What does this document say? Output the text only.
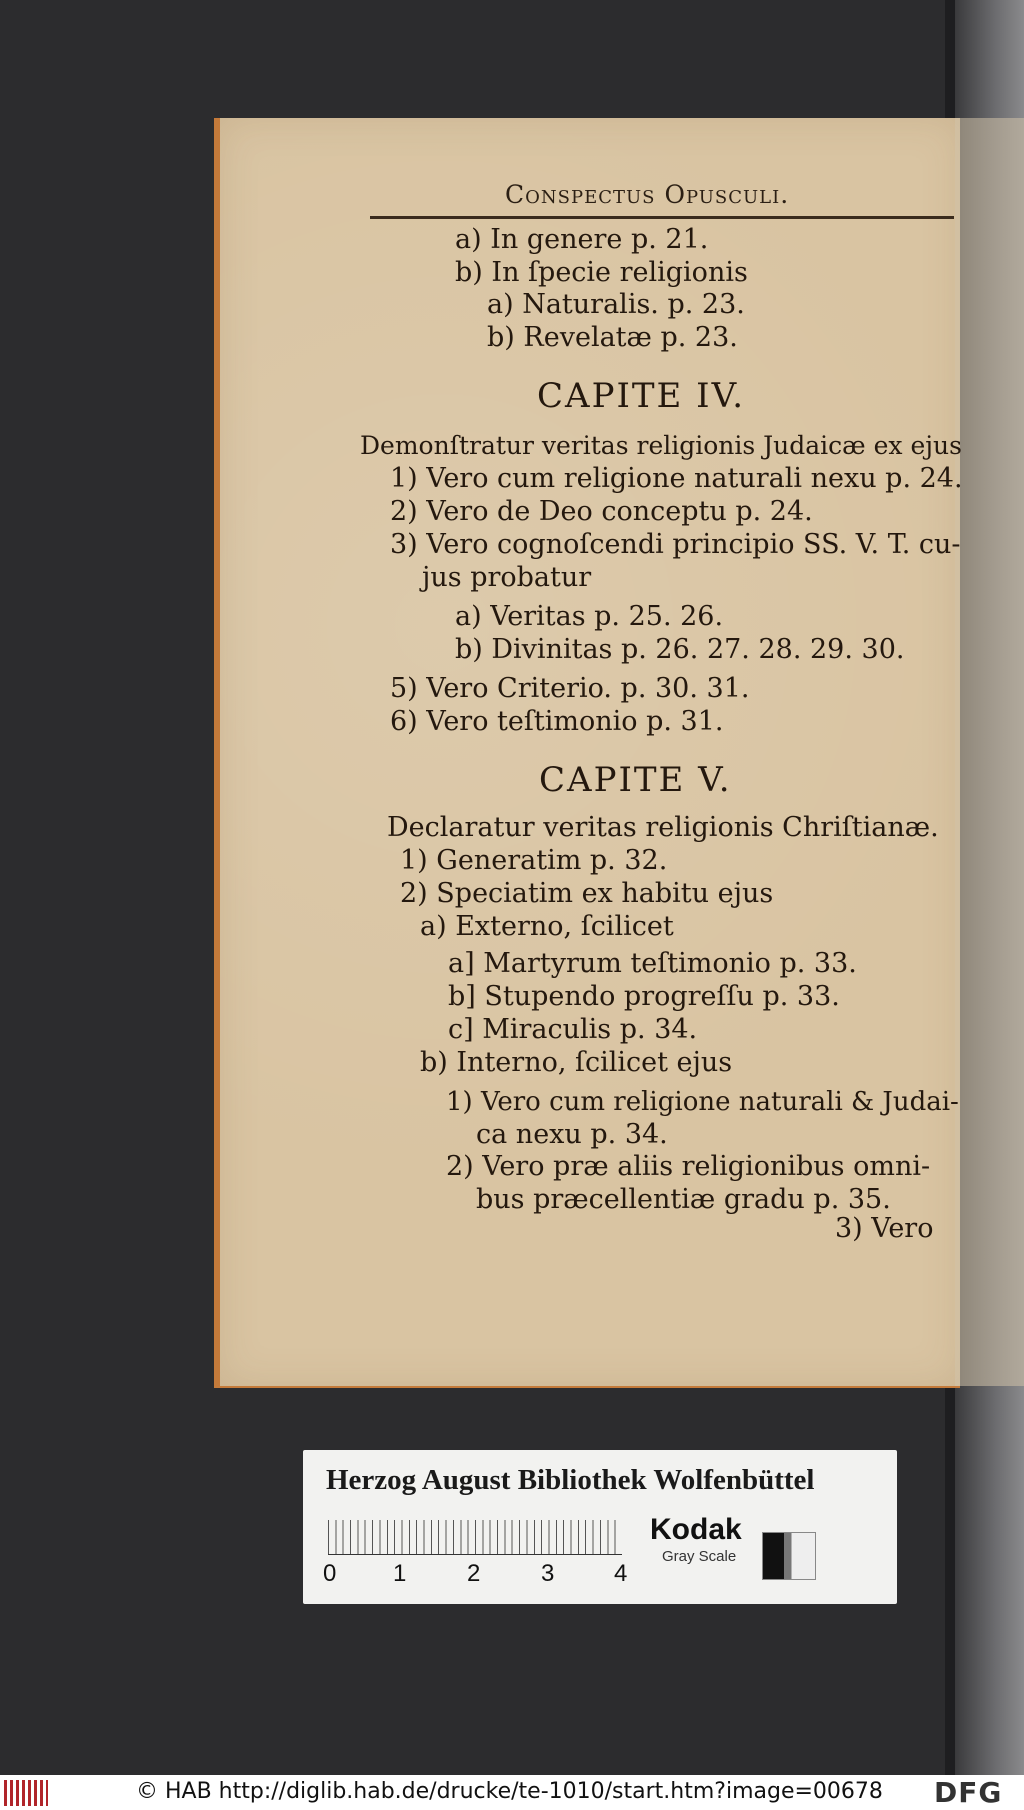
Conspectus Opusculi.
a) In genere p. 21.
b) In ſpecie religionis
a) Naturalis. p. 23.
b) Revelatæ p. 23.
CAPITE IV.
Demonſtratur veritas religionis Judaicæ ex ejus
1) Vero cum religione naturali nexu p. 24.
2) Vero de Deo conceptu p. 24.
3) Vero cognoſcendi principio SS. V. T. cu-
jus probatur
a) Veritas p. 25. 26.
b) Divinitas p. 26. 27. 28. 29. 30.
5) Vero Criterio. p. 30. 31.
6) Vero teſtimonio p. 31.
CAPITE V.
Declaratur veritas religionis Chriſtianæ.
1) Generatim p. 32.
2) Speciatim ex habitu ejus
a) Externo, ſcilicet
a] Martyrum teſtimonio p. 33.
b] Stupendo progreſſu p. 33.
c] Miraculis p. 34.
b) Interno, ſcilicet ejus
1) Vero cum religione naturali & Judai-
ca nexu p. 34.
2) Vero præ aliis religionibus omni-
bus præcellentiæ gradu p. 35.
3) Vero
Herzog August Bibliothek Wolfenbüttel
0 1	2	3 4
Kodak
Gray Scale
© HAB http://diglib.hab.de/drucke/te-1010/start.htm?image=00678 DFG
